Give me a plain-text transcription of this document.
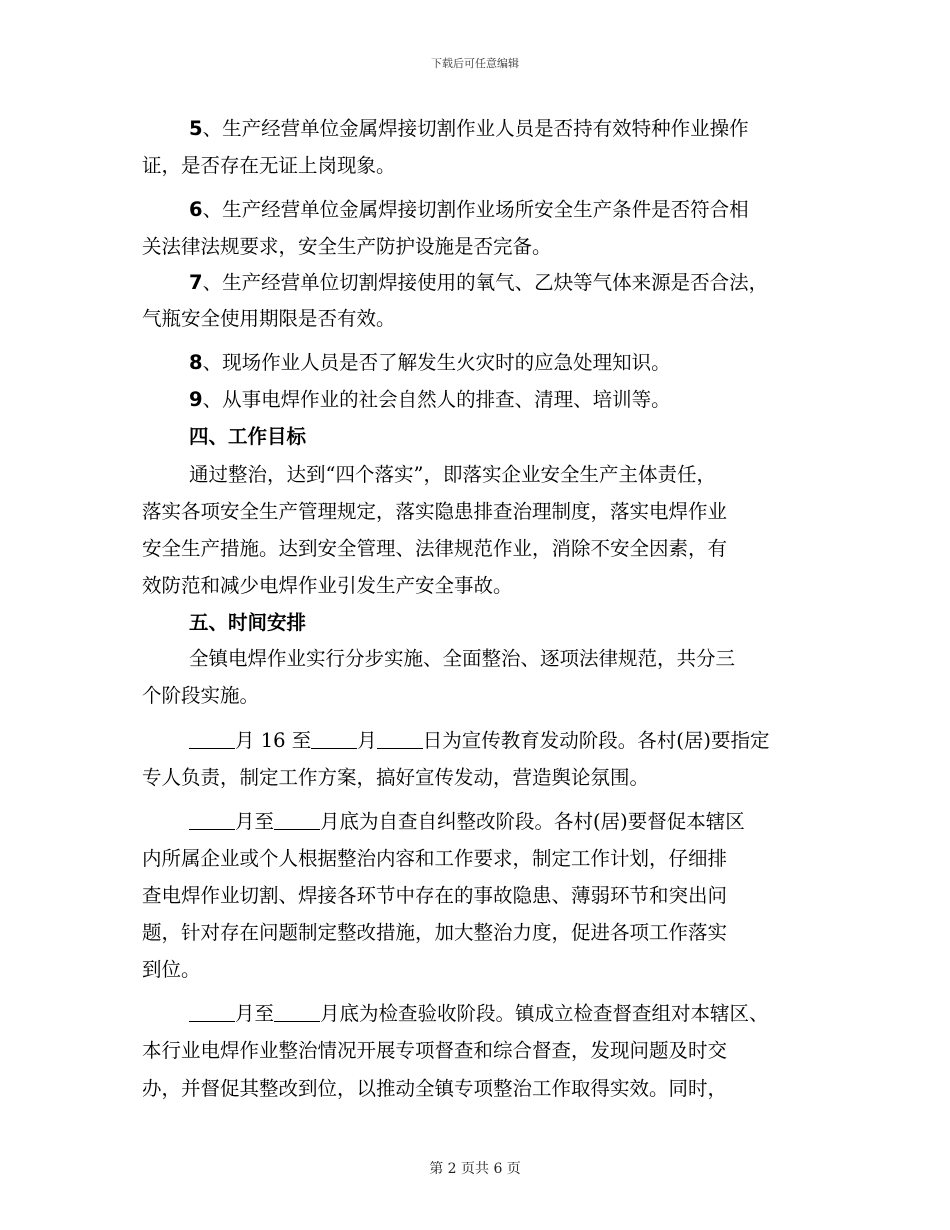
下载后可任意编辑
5、生产经营单位金属焊接切割作业人员是否持有效特种作业操作
证，是否存在无证上岗现象。
6、生产经营单位金属焊接切割作业场所安全生产条件是否符合相
关法律法规要求，安全生产防护设施是否完备。
7、生产经营单位切割焊接使用的氧气、乙炔等气体来源是否合法，
气瓶安全使用期限是否有效。
8、现场作业人员是否了解发生火灾时的应急处理知识。
9、从事电焊作业的社会自然人的排查、清理、培训等。
四、工作目标
通过整治，达到“四个落实”，即落实企业安全生产主体责任，
落实各项安全生产管理规定，落实隐患排查治理制度，落实电焊作业
安全生产措施。达到安全管理、法律规范作业，消除不安全因素，有
效防范和减少电焊作业引发生产安全事故。
五、时间安排
全镇电焊作业实行分步实施、全面整治、逐项法律规范，共分三
个阶段实施。
月 16 至 月 日为宣传教育发动阶段。各村(居)要指定
专人负责，制定工作方案，搞好宣传发动，营造舆论氛围。
月至 月底为自查自纠整改阶段。各村(居)要督促本辖区
内所属企业或个人根据整治内容和工作要求，制定工作计划，仔细排
查电焊作业切割、焊接各环节中存在的事故隐患、薄弱环节和突出问
题，针对存在问题制定整改措施，加大整治力度，促进各项工作落实
到位。
月至 月底为检查验收阶段。镇成立检查督查组对本辖区、
本行业电焊作业整治情况开展专项督查和综合督查，发现问题及时交
办，并督促其整改到位，以推动全镇专项整治工作取得实效。同时，
第 2 页共 6 页
